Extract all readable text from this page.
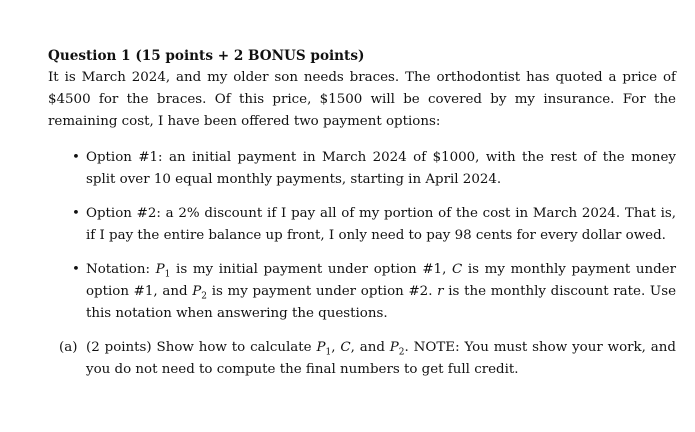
Question 1 (15 points + 2 BONUS points)

It is March 2024, and my older son needs braces. The orthodontist has quoted a price of $4500 for the braces. Of this price, $1500 will be covered by my insurance. For the remaining cost, I have been offered two payment options:

• Option #1: an initial payment in March 2024 of $1000, with the rest of the money split over 10 equal monthly payments, starting in April 2024.
• Option #2: a 2% discount if I pay all of my portion of the cost in March 2024. That is, if I pay the entire balance up front, I only need to pay 98 cents for every dollar owed.
• Notation: $P_1$ is my initial payment under option #1, C is my monthly payment under option #1, and $P_2$ is my payment under option #2. r is the monthly discount rate. Use this notation when answering the questions.
(a) (2 points) Show how to calculate $P_1$, C, and $P_2$. NOTE: You must show your work, and you do not need to compute the final numbers to get full credit.
